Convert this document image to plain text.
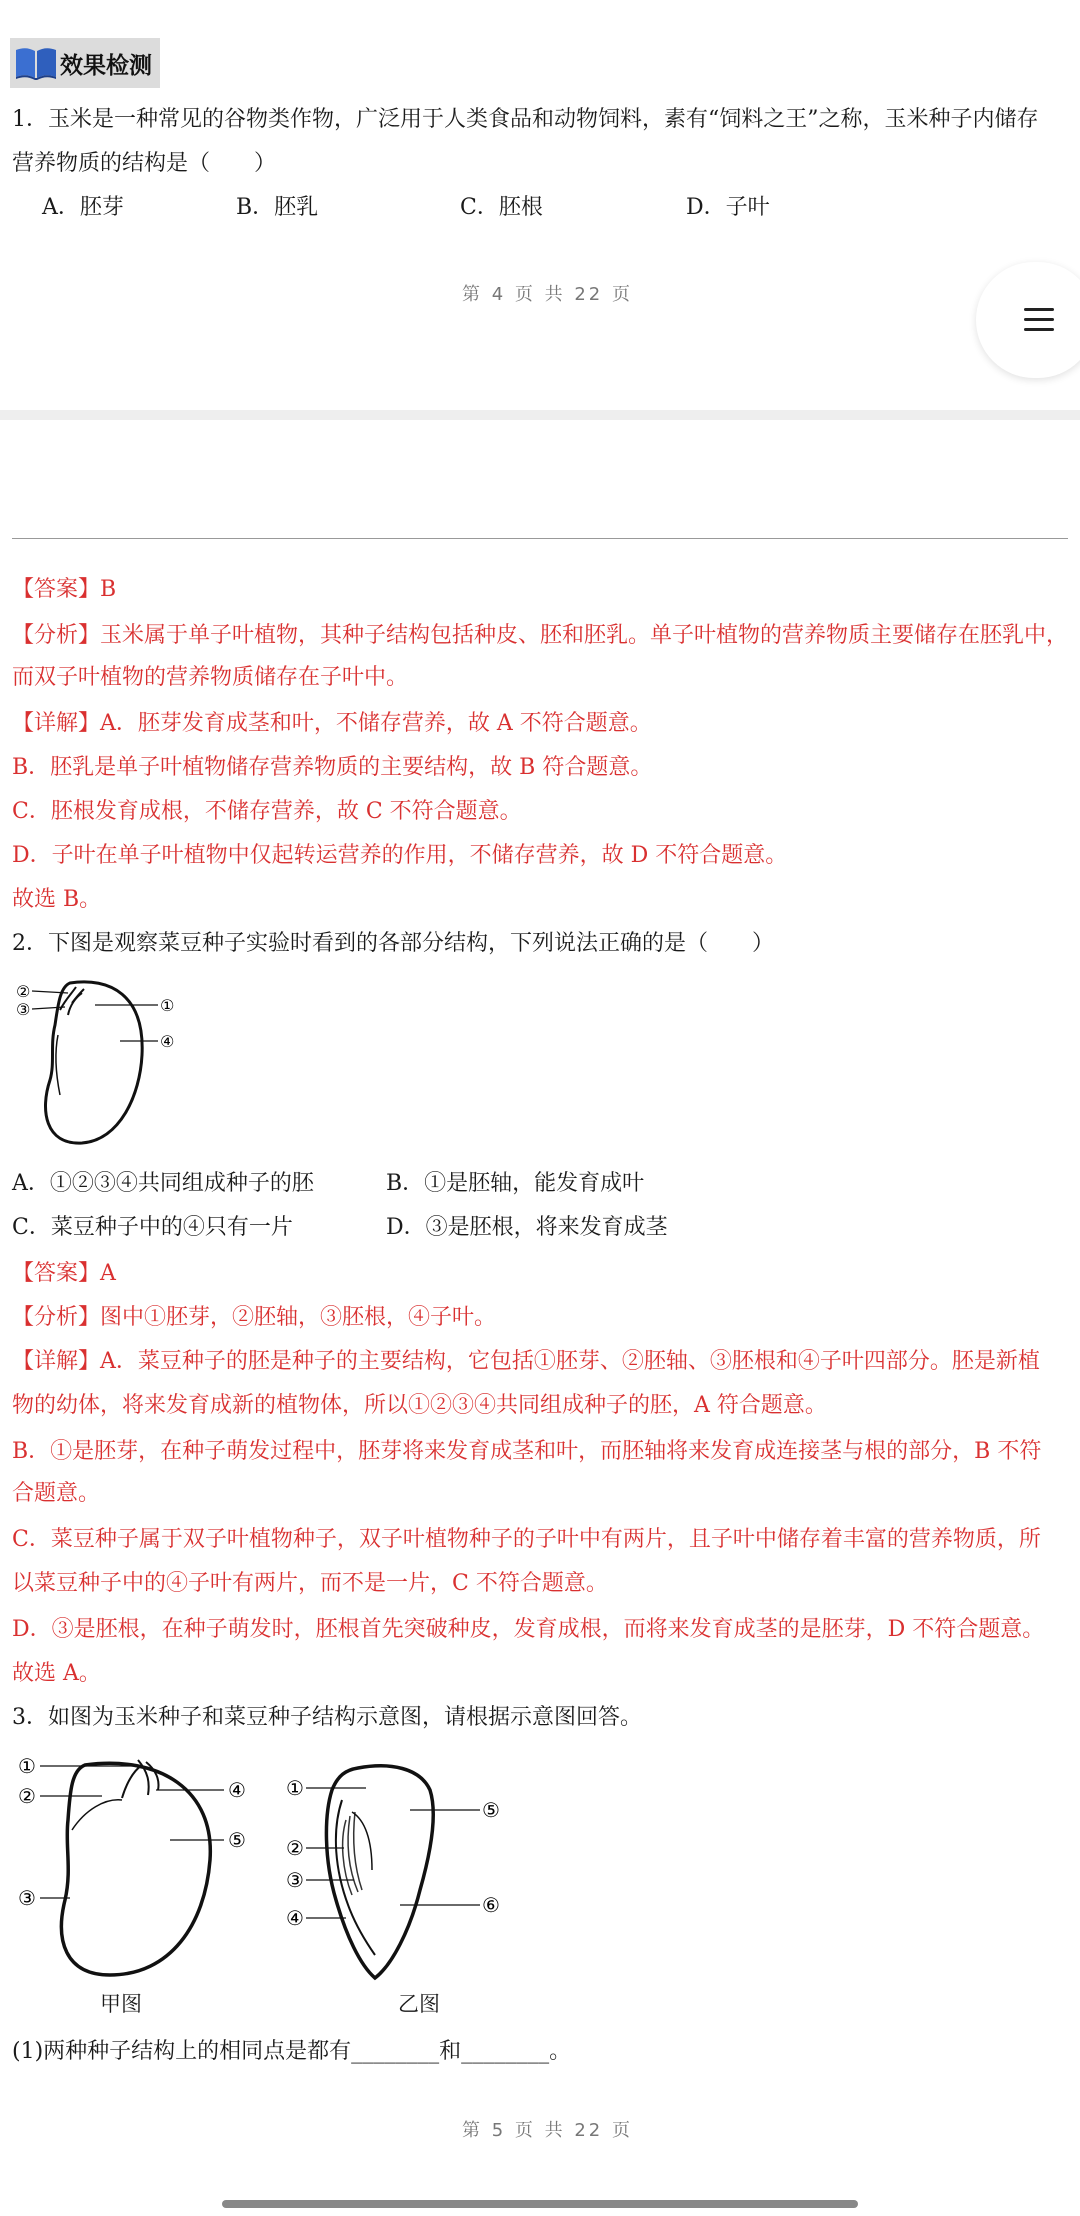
效果检测
1．玉米是一种常见的谷物类作物，广泛用于人类食品和动物饲料，素有“饲料之王”之称，玉米种子内储存
营养物质的结构是（　　）
A．胚芽	B．胚乳	C．胚根	D．子叶
第 4 页 共 22 页
【答案】B
【分析】玉米属于单子叶植物，其种子结构包括种皮、胚和胚乳。单子叶植物的营养物质主要储存在胚乳中，
而双子叶植物的营养物质储存在子叶中。
【详解】A．胚芽发育成茎和叶，不储存营养，故 A 不符合题意。
B．胚乳是单子叶植物储存营养物质的主要结构，故 B 符合题意。
C．胚根发育成根，不储存营养，故 C 不符合题意。
D．子叶在单子叶植物中仅起转运营养的作用，不储存营养，故 D 不符合题意。
故选 B。
2．下图是观察菜豆种子实验时看到的各部分结构，下列说法正确的是（　　）
②
③	①
④
A．①②③④共同组成种子的胚	B．①是胚轴，能发育成叶
C．菜豆种子中的④只有一片	D．③是胚根，将来发育成茎
【答案】A
【分析】图中①胚芽，②胚轴，③胚根，④子叶。
【详解】A．菜豆种子的胚是种子的主要结构，它包括①胚芽、②胚轴、③胚根和④子叶四部分。胚是新植
物的幼体，将来发育成新的植物体，所以①②③④共同组成种子的胚，A 符合题意。
B．①是胚芽，在种子萌发过程中，胚芽将来发育成茎和叶，而胚轴将来发育成连接茎与根的部分，B 不符
合题意。
C．菜豆种子属于双子叶植物种子，双子叶植物种子的子叶中有两片，且子叶中储存着丰富的营养物质，所
以菜豆种子中的④子叶有两片，而不是一片，C 不符合题意。
D．③是胚根，在种子萌发时，胚根首先突破种皮，发育成根，而将来发育成茎的是胚芽，D 不符合题意。
故选 A。
3．如图为玉米种子和菜豆种子结构示意图，请根据示意图回答。
①
②
③
④
⑤
甲图
①
②
③
④
⑤
⑥
乙图
(1)两种种子结构上的相同点是都有________和________。
第 5 页 共 22 页
